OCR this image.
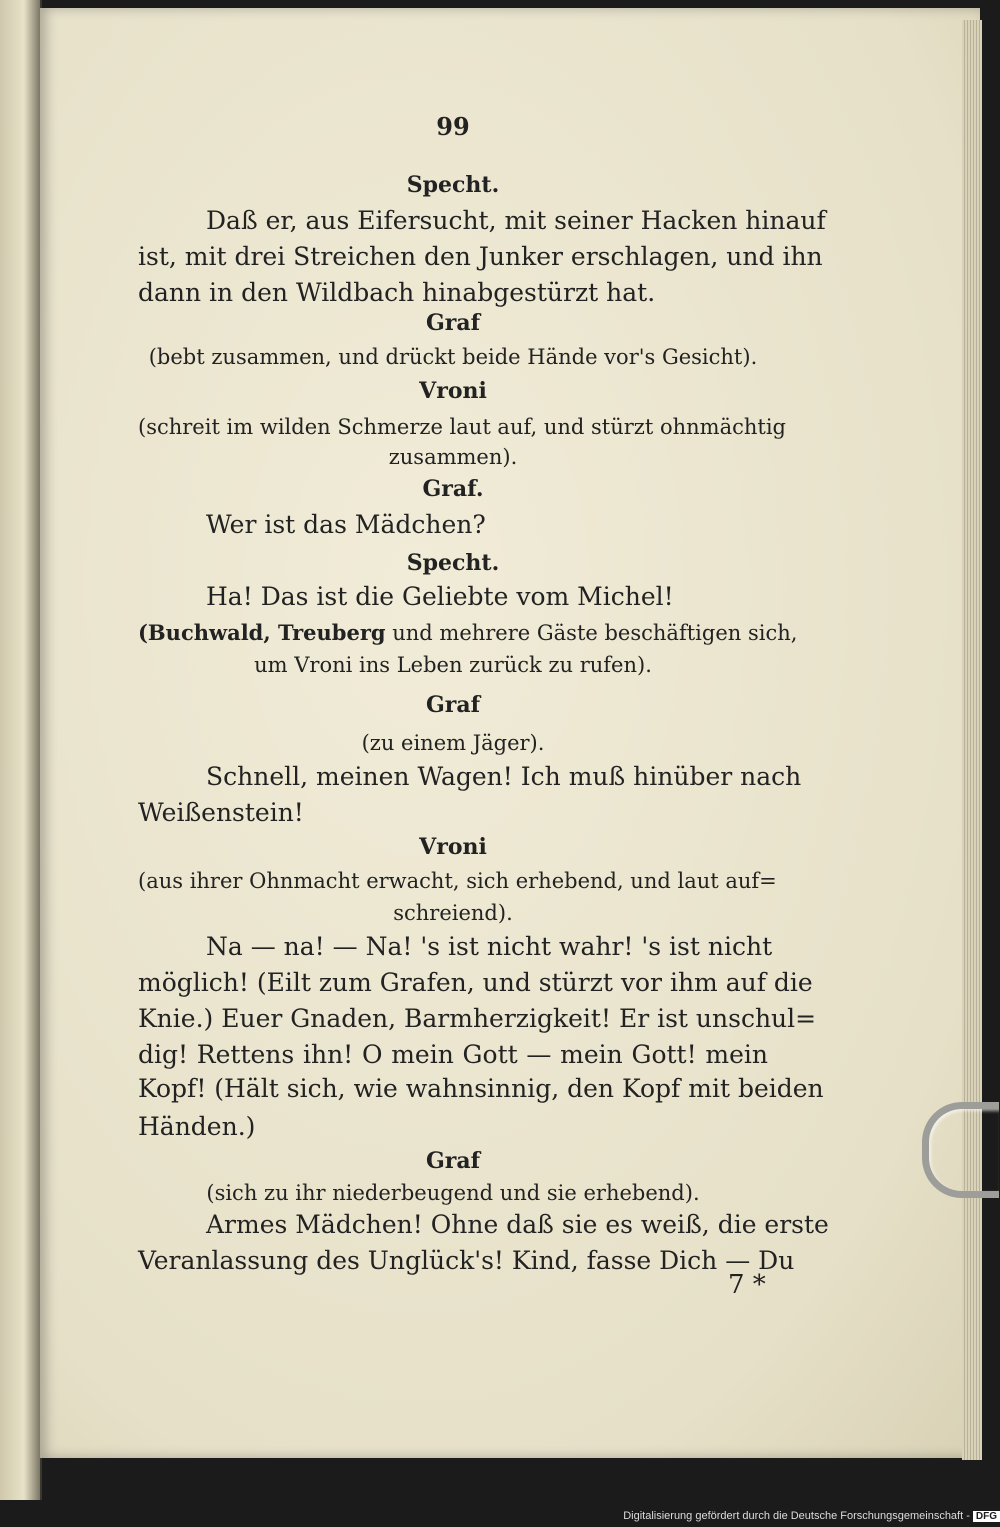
99
Specht.
Daß er, aus Eifersucht, mit seiner Hacken hinauf
ist, mit drei Streichen den Junker erschlagen, und ihn
dann in den Wildbach hinabgestürzt hat.
Graf
(bebt zusammen, und drückt beide Hände vor's Gesicht).
Vroni
(schreit im wilden Schmerze laut auf, und stürzt ohnmächtig
zusammen).
Graf.
Wer ist das Mädchen?
Specht.
Ha! Das ist die Geliebte vom Michel!
(Buchwald, Treuberg und mehrere Gäste beschäftigen sich,
um Vroni ins Leben zurück zu rufen).
Graf
(zu einem Jäger).
Schnell, meinen Wagen! Ich muß hinüber nach
Weißenstein!
Vroni
(aus ihrer Ohnmacht erwacht, sich erhebend, und laut auf=
schreiend).
Na — na! — Na! 's ist nicht wahr! 's ist nicht
möglich! (Eilt zum Grafen, und stürzt vor ihm auf die
Knie.) Euer Gnaden, Barmherzigkeit! Er ist unschul=
dig! Rettens ihn! O mein Gott — mein Gott! mein
Kopf! (Hält sich, wie wahnsinnig, den Kopf mit beiden
Händen.)
Graf
(sich zu ihr niederbeugend und sie erhebend).
Armes Mädchen! Ohne daß sie es weiß, die erste
Veranlassung des Unglück's! Kind, fasse Dich — Du
7 *
Digitalisierung gefördert durch die Deutsche Forschungsgemeinschaft - DFG
